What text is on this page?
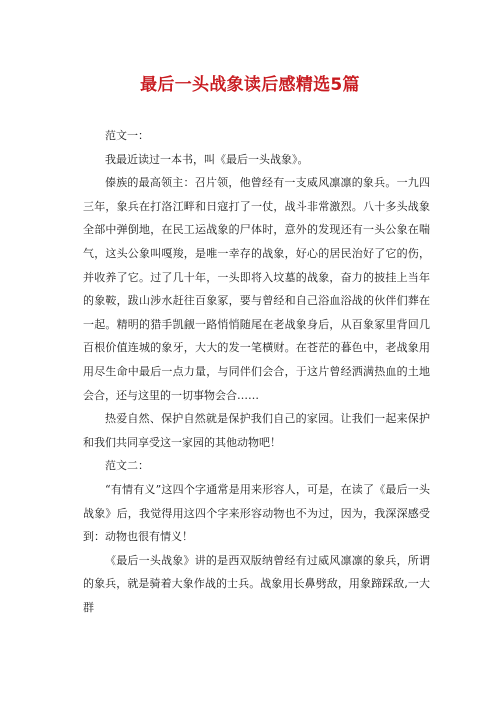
最后一头战象读后感精选5篇

范文一：

我最近读过一本书，叫《最后一头战象》。

傣族的最高领主：召片领，他曾经有一支威风凛凛的象兵。一九四三年，象兵在打洛江畔和日寇打了一仗，战斗非常激烈。八十多头战象全部中弹倒地，在民工运战象的尸体时，意外的发现还有一头公象在喘气，这头公象叫嘎羧，是唯一幸存的战象，好心的居民治好了它的伤，并收养了它。过了几十年，一头即将入坟墓的战象，奋力的披挂上当年的象鞍，跋山涉水赶往百象冢，要与曾经和自己浴血浴战的伙伴们葬在一起。精明的猎手凯觎一路悄悄随尾在老战象身后，从百象冢里背回几百根价值连城的象牙，大大的发一笔横财。在苍茫的暮色中，老战象用用尽生命中最后一点力量，与同伴们会合，于这片曾经洒满热血的土地会合，还与这里的一切事物会合……

热爱自然、保护自然就是保护我们自己的家园。让我们一起来保护和我们共同享受这一家园的其他动物吧！

范文二：

“有情有义”这四个字通常是用来形容人，可是，在读了《最后一头战象》后，我觉得用这四个字来形容动物也不为过，因为，我深深感受到：动物也很有情义！

《最后一头战象》讲的是西双版纳曾经有过威风凛凛的象兵，所谓的象兵，就是骑着大象作战的士兵。战象用长鼻劈敌，用象蹄踩敌,一大群
